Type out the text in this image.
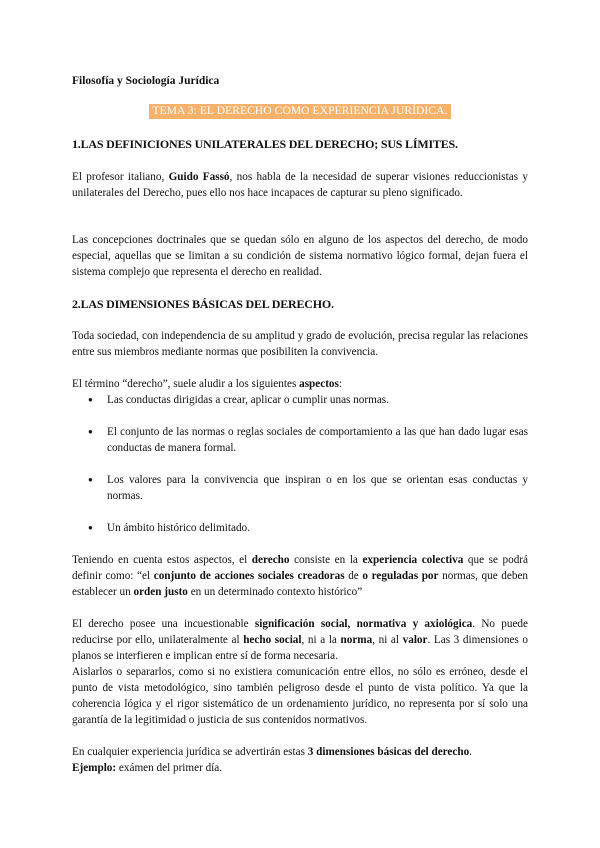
Filosofía y Sociología Jurídica

TEMA 3: EL DERECHO COMO EXPERIENCIA JURÍDICA.
1.LAS DEFINICIONES UNILATERALES DEL DERECHO; SUS LÍMITES.

El profesor italiano, Guido Fassó, nos habla de la necesidad de superar visiones reduccionistas y unilaterales del Derecho, pues ello nos hace incapaces de capturar su pleno significado.

Las concepciones doctrinales que se quedan sólo en alguno de los aspectos del derecho, de modo especial, aquellas que se limitan a su condición de sistema normativo lógico formal, dejan fuera el sistema complejo que representa el derecho en realidad.

2.LAS DIMENSIONES BÁSICAS DEL DERECHO.

Toda sociedad, con independencia de su amplitud y grado de evolución, precisa regular las relaciones entre sus miembros mediante normas que posibiliten la convivencia.

El término “derecho”, suele aludir a los siguientes aspectos:

● Las conductas dirigidas a crear, aplicar o cumplir unas normas.
● El conjunto de las normas o reglas sociales de comportamiento a las que han dado lugar esas conductas de manera formal.
● Los valores para la convivencia que inspiran o en los que se orientan esas conductas y normas.
● Un ámbito histórico delimitado.

Teniendo en cuenta estos aspectos, el derecho consiste en la experiencia colectiva que se podrá definir como: “el conjunto de acciones sociales creadoras de o reguladas por normas, que deben establecer un orden justo en un determinado contexto histórico”

El derecho posee una incuestionable significación social, normativa y axiológica. No puede reducirse por ello, unilateralmente al hecho social, ni a la norma, ni al valor. Las 3 dimensiones o planos se interfieren e implican entre sí de forma necesaria.

Aislarlos o separarlos, como si no existiera comunicación entre ellos, no sólo es erróneo, desde el punto de vista metodológico, sino también peligroso desde el punto de vista político. Ya que la coherencia lógica y el rigor sistemático de un ordenamiento jurídico, no representa por sí solo una garantía de la legitimidad o justicia de sus contenidos normativos.

En cualquier experiencia jurídica se advertirán estas 3 dimensiones básicas del derecho.

Ejemplo: exámen del primer día.
